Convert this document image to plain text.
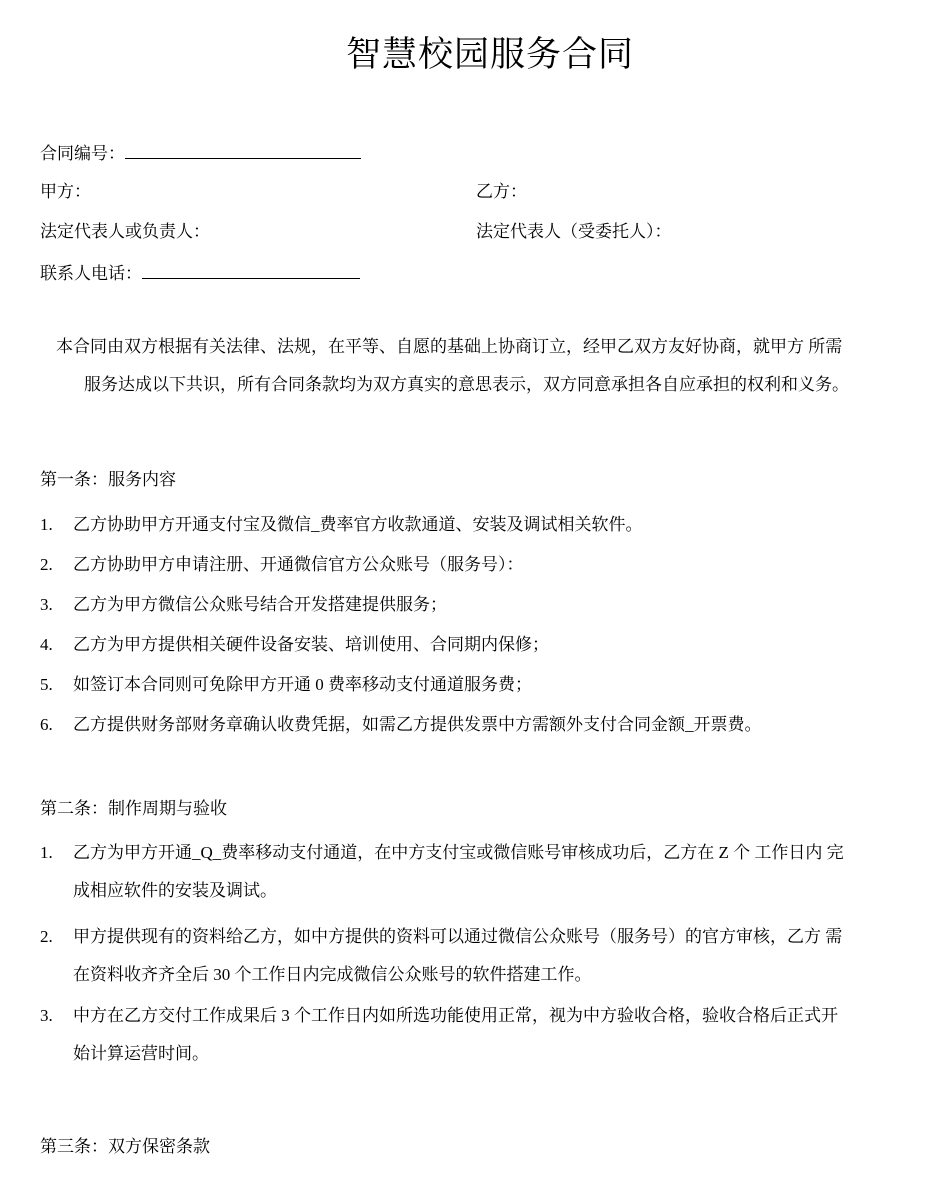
智慧校园服务合同
合同编号：
甲方：	乙方：
法定代表人或负责人：	法定代表人（受委托人）：
联系人电话：
本合同由双方根据有关法律、法规，在平等、自愿的基础上协商订立，经甲乙双方友好协商，就甲方 所需
服务达成以下共识，所有合同条款均为双方真实的意思表示，双方同意承担各自应承担的权利和义务。
第一条：服务内容
1.	乙方协助甲方开通支付宝及微信_费率官方收款通道、安装及调试相关软件。
2.	乙方协助甲方申请注册、开通微信官方公众账号（服务号）：
3.	乙方为甲方微信公众账号结合开发搭建提供服务；
4.	乙方为甲方提供相关硬件设备安装、培训使用、合同期内保修；
5.	如签订本合同则可免除甲方开通 0 费率移动支付通道服务费；
6.	乙方提供财务部财务章确认收费凭据，如需乙方提供发票中方需额外支付合同金额_开票费。
第二条：制作周期与验收
1.	乙方为甲方开通_Q_费率移动支付通道，在中方支付宝或微信账号审核成功后，乙方在 Z 个 工作日内 完
成相应软件的安装及调试。
2.	甲方提供现有的资料给乙方，如中方提供的资料可以通过微信公众账号（服务号）的官方审核，乙方 需
在资料收齐齐全后 30 个工作日内完成微信公众账号的软件搭建工作。
3.	中方在乙方交付工作成果后 3 个工作日内如所选功能使用正常，视为中方验收合格，验收合格后正式开
始计算运营时间。
第三条：双方保密条款
